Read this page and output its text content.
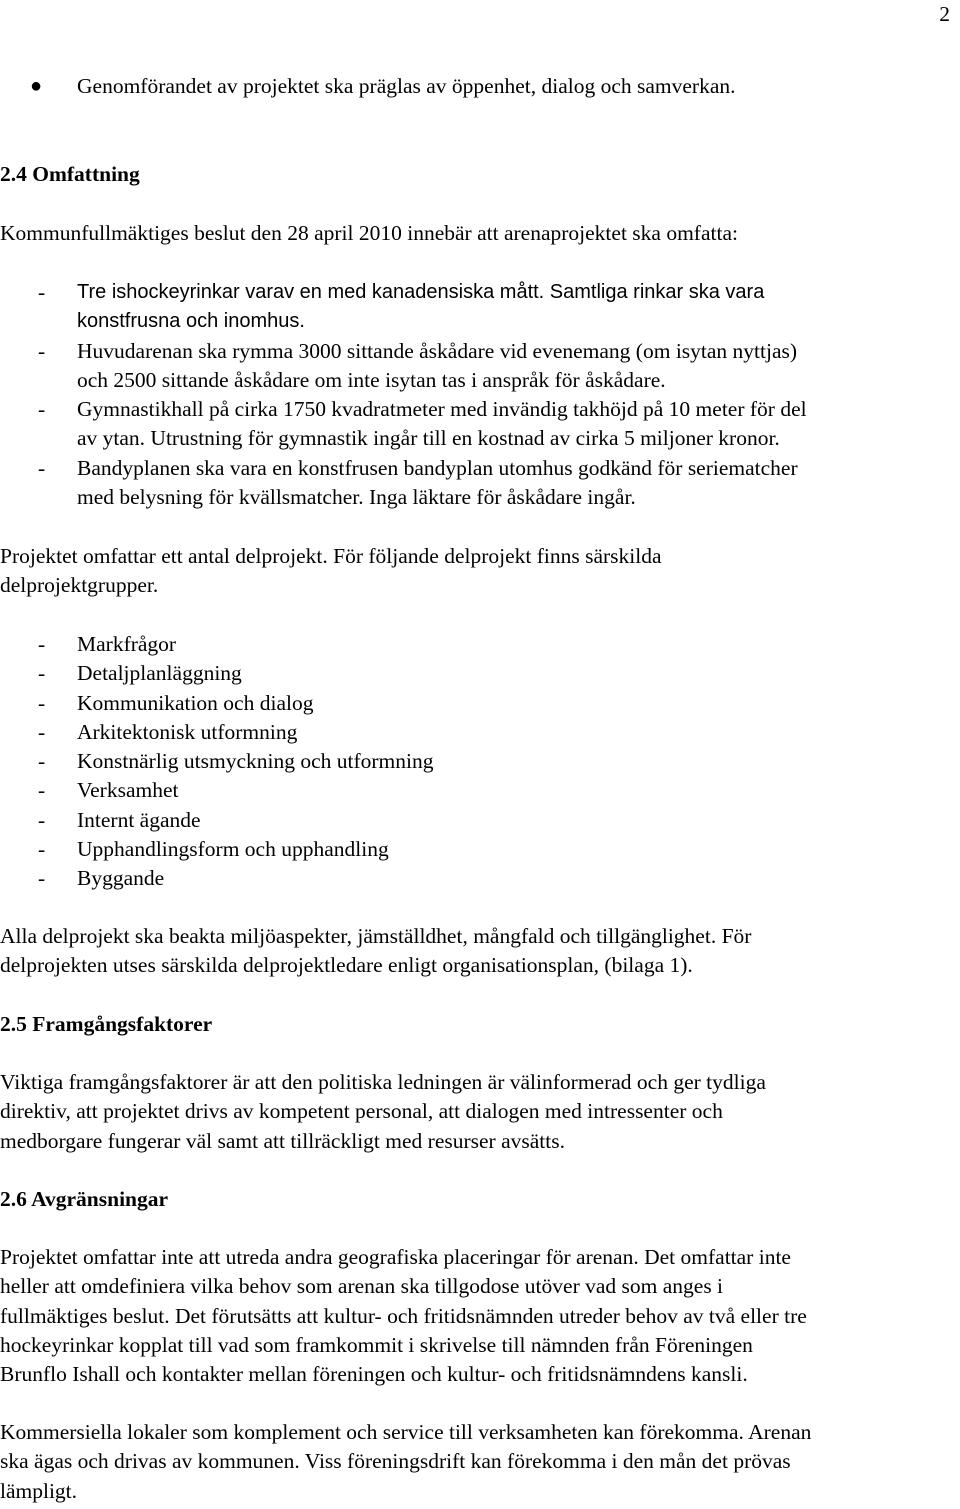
2
●	Genomförandet av projektet ska präglas av öppenhet, dialog och samverkan.
2.4 Omfattning
Kommunfullmäktiges beslut den 28 april 2010 innebär att arenaprojektet ska omfatta:
-	Tre ishockeyrinkar varav en med kanadensiska mått. Samtliga rinkar ska vara
konstfrusna och inomhus.
-	Huvudarenan ska rymma 3000 sittande åskådare vid evenemang (om isytan nyttjas)
och 2500 sittande åskådare om inte isytan tas i anspråk för åskådare.
-	Gymnastikhall på cirka 1750 kvadratmeter med invändig takhöjd på 10 meter för del
av ytan. Utrustning för gymnastik ingår till en kostnad av cirka 5 miljoner kronor.
-	Bandyplanen ska vara en konstfrusen bandyplan utomhus godkänd för seriematcher
med belysning för kvällsmatcher. Inga läktare för åskådare ingår.
Projektet omfattar ett antal delprojekt. För följande delprojekt finns särskilda
delprojektgrupper.
-	Markfrågor
-	Detaljplanläggning
-	Kommunikation och dialog
-	Arkitektonisk utformning
-	Konstnärlig utsmyckning och utformning
-	Verksamhet
-	Internt ägande
-	Upphandlingsform och upphandling
-	Byggande
Alla delprojekt ska beakta miljöaspekter, jämställdhet, mångfald och tillgänglighet. För
delprojekten utses särskilda delprojektledare enligt organisationsplan, (bilaga 1).
2.5 Framgångsfaktorer
Viktiga framgångsfaktorer är att den politiska ledningen är välinformerad och ger tydliga
direktiv, att projektet drivs av kompetent personal, att dialogen med intressenter och
medborgare fungerar väl samt att tillräckligt med resurser avsätts.
2.6 Avgränsningar
Projektet omfattar inte att utreda andra geografiska placeringar för arenan. Det omfattar inte
heller att omdefiniera vilka behov som arenan ska tillgodose utöver vad som anges i
fullmäktiges beslut. Det förutsätts att kultur- och fritidsnämnden utreder behov av två eller tre
hockeyrinkar kopplat till vad som framkommit i skrivelse till nämnden från Föreningen
Brunflo Ishall och kontakter mellan föreningen och kultur- och fritidsnämndens kansli.
Kommersiella lokaler som komplement och service till verksamheten kan förekomma. Arenan
ska ägas och drivas av kommunen. Viss föreningsdrift kan förekomma i den mån det prövas
lämpligt.
